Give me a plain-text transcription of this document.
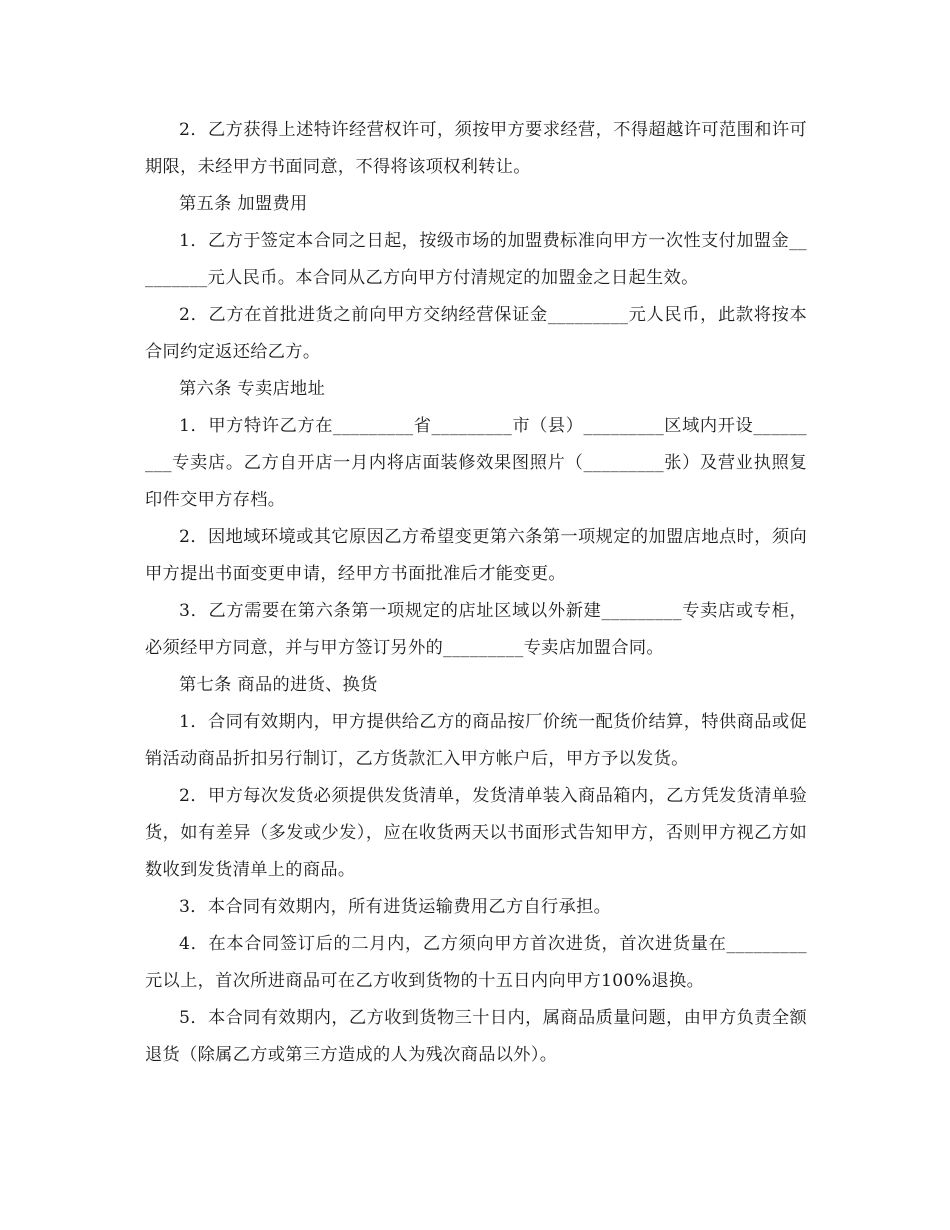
2．乙方获得上述特许经营权许可，须按甲方要求经营，不得超越许可范围和许可期限，未经甲方书面同意，不得将该项权利转让。

第五条 加盟费用

1．乙方于签定本合同之日起，按级市场的加盟费标准向甲方一次性支付加盟金_________元人民币。本合同从乙方向甲方付清规定的加盟金之日起生效。

2．乙方在首批进货之前向甲方交纳经营保证金_________元人民币，此款将按本合同约定返还给乙方。

第六条 专卖店地址

1．甲方特许乙方在_________省_________市（县）_________区域内开设_________专卖店。乙方自开店一月内将店面装修效果图照片（_________张）及营业执照复印件交甲方存档。

2．因地域环境或其它原因乙方希望变更第六条第一项规定的加盟店地点时，须向甲方提出书面变更申请，经甲方书面批准后才能变更。

3．乙方需要在第六条第一项规定的店址区域以外新建_________专卖店或专柜，必须经甲方同意，并与甲方签订另外的_________专卖店加盟合同。

第七条 商品的进货、换货

1．合同有效期内，甲方提供给乙方的商品按厂价统一配货价结算，特供商品或促销活动商品折扣另行制订，乙方货款汇入甲方帐户后，甲方予以发货。

2．甲方每次发货必须提供发货清单，发货清单装入商品箱内，乙方凭发货清单验货，如有差异（多发或少发），应在收货两天以书面形式告知甲方，否则甲方视乙方如数收到发货清单上的商品。

3．本合同有效期内，所有进货运输费用乙方自行承担。

4．在本合同签订后的二月内，乙方须向甲方首次进货，首次进货量在_________元以上，首次所进商品可在乙方收到货物的十五日内向甲方100%退换。

5．本合同有效期内，乙方收到货物三十日内，属商品质量问题，由甲方负责全额退货（除属乙方或第三方造成的人为残次商品以外）。
